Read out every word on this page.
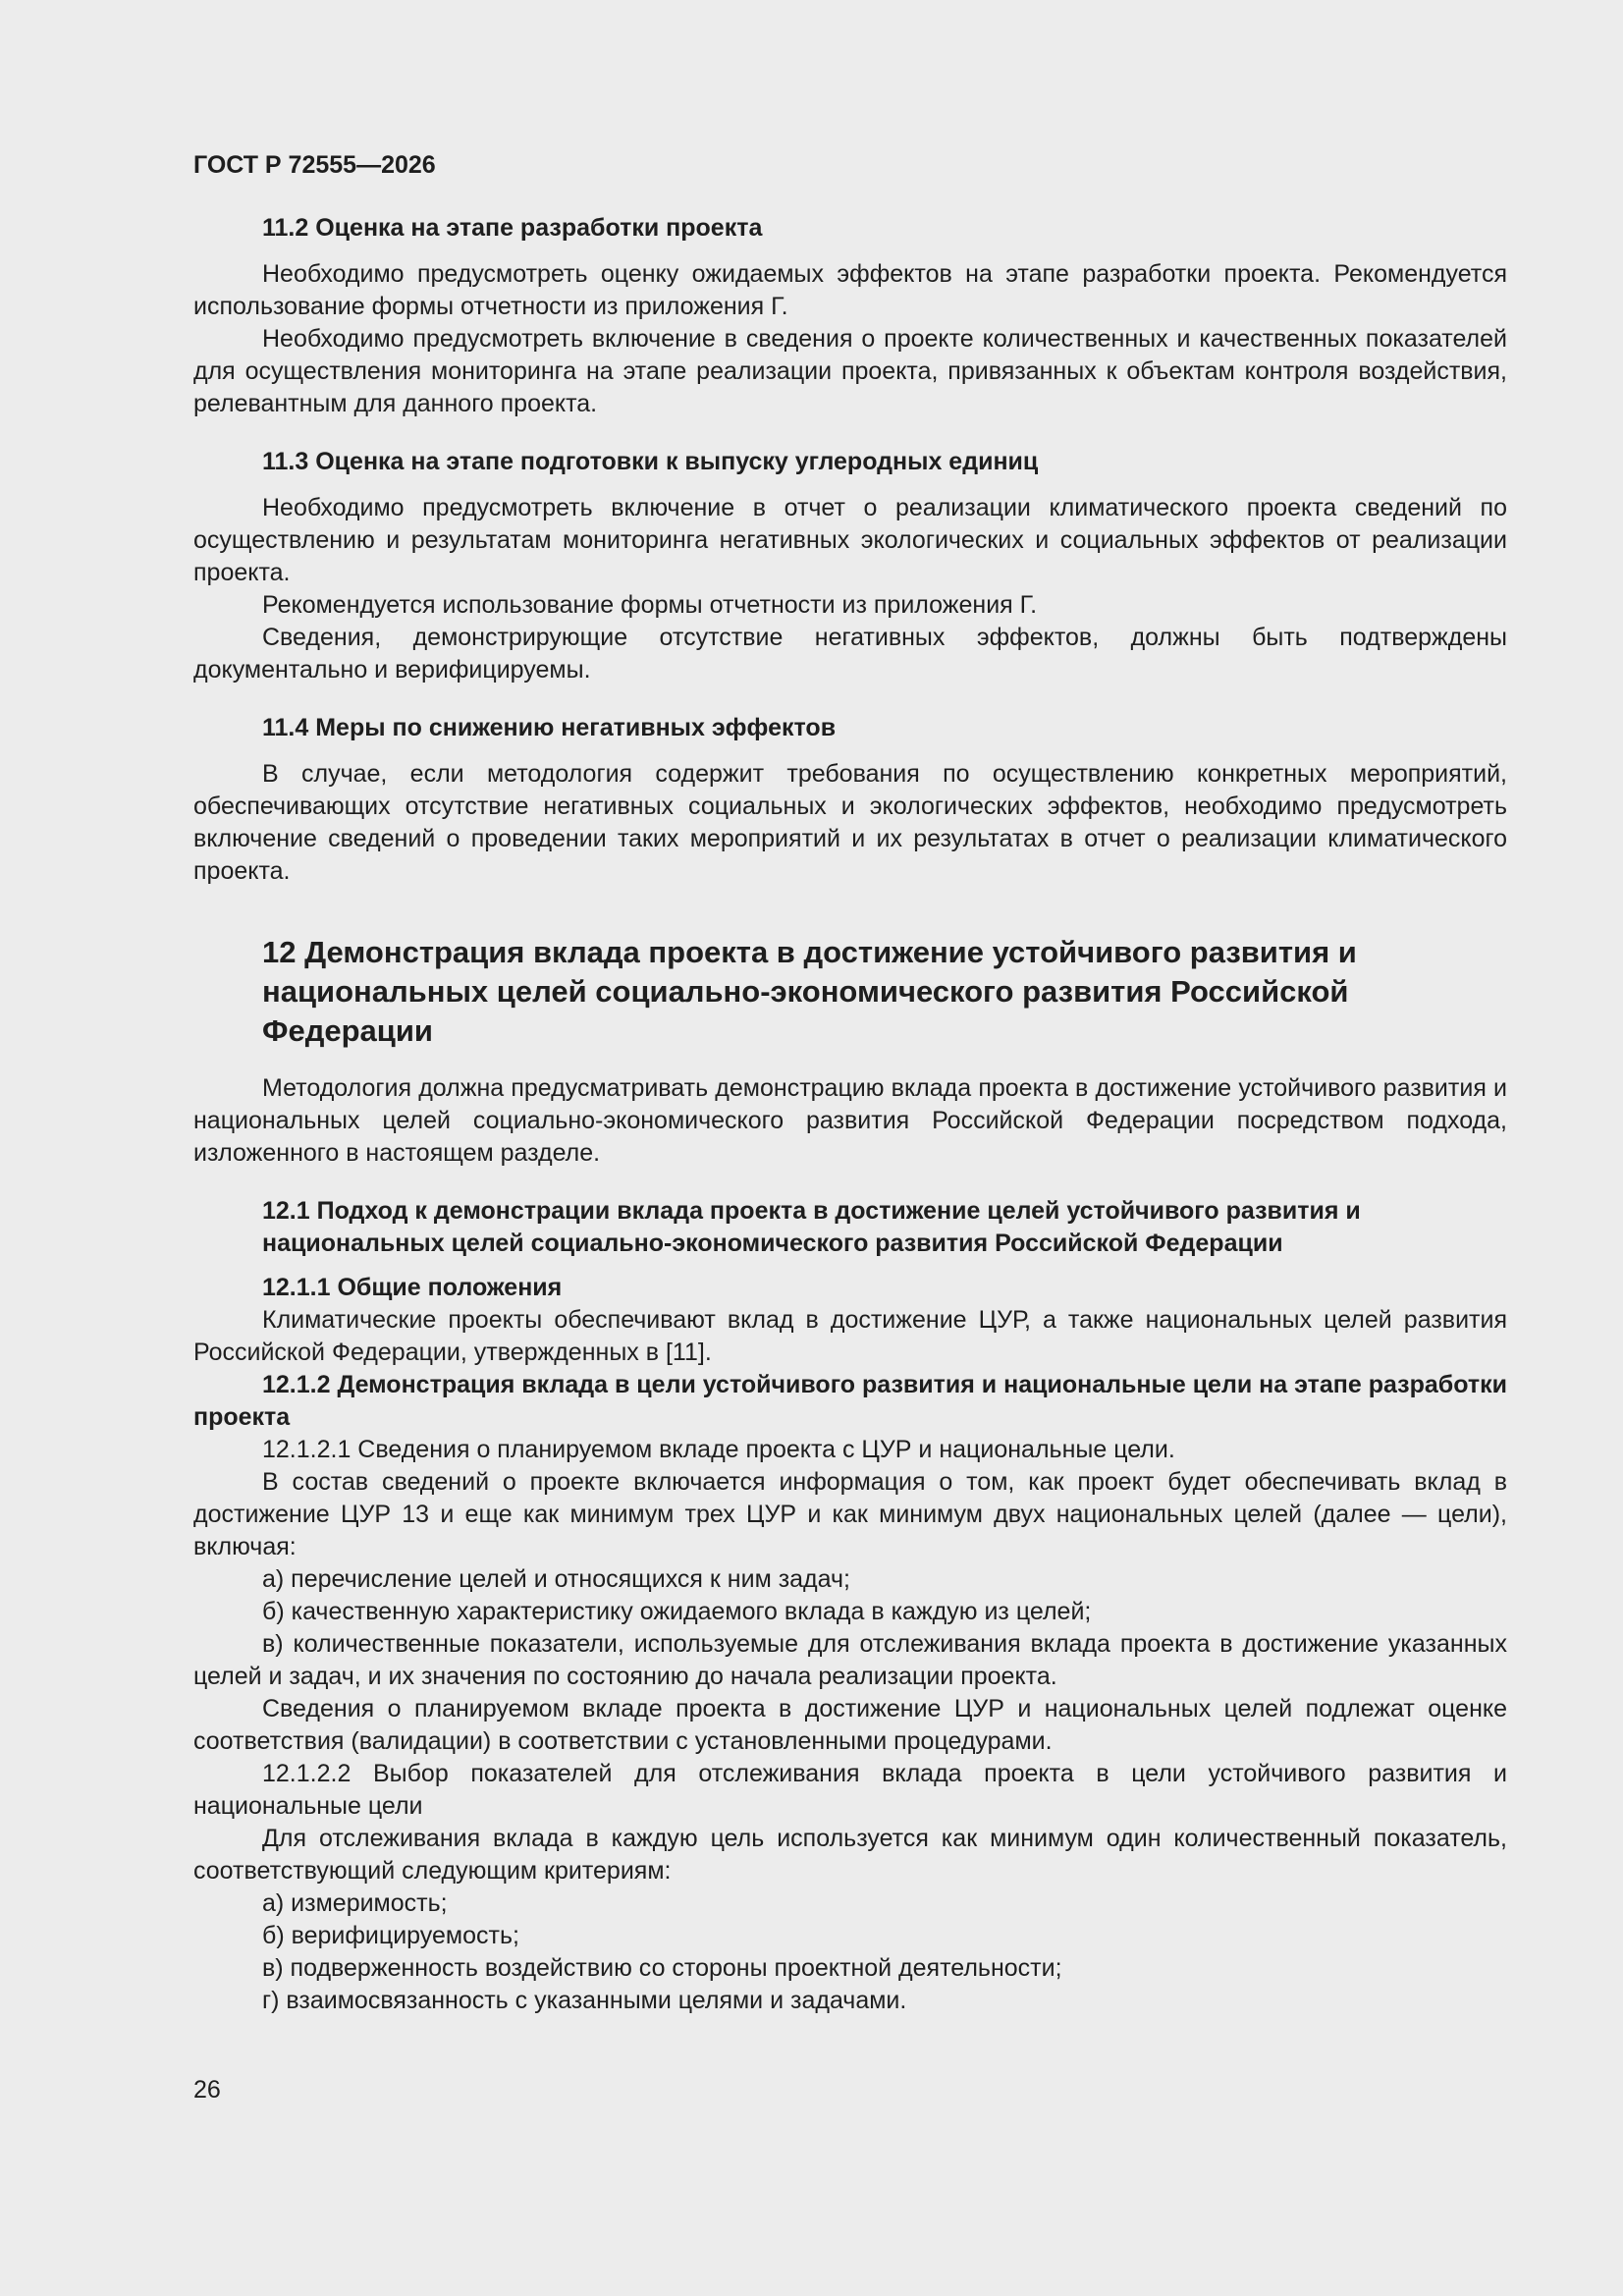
ГОСТ Р 72555—2026
11.2 Оценка на этапе разработки проекта

Необходимо предусмотреть оценку ожидаемых эффектов на этапе разработки проекта. Рекомендуется использование формы отчетности из приложения Г.

Необходимо предусмотреть включение в сведения о проекте количественных и качественных показателей для осуществления мониторинга на этапе реализации проекта, привязанных к объектам контроля воздействия, релевантным для данного проекта.

11.3 Оценка на этапе подготовки к выпуску углеродных единиц

Необходимо предусмотреть включение в отчет о реализации климатического проекта сведений по осуществлению и результатам мониторинга негативных экологических и социальных эффектов от реализации проекта.

Рекомендуется использование формы отчетности из приложения Г.

Сведения, демонстрирующие отсутствие негативных эффектов, должны быть подтверждены документально и верифицируемы.

11.4 Меры по снижению негативных эффектов

В случае, если методология содержит требования по осуществлению конкретных мероприятий, обеспечивающих отсутствие негативных социальных и экологических эффектов, необходимо предусмотреть включение сведений о проведении таких мероприятий и их результатах в отчет о реализации климатического проекта.

12 Демонстрация вклада проекта в достижение устойчивого развития и национальных целей социально-экономического развития Российской Федерации

Методология должна предусматривать демонстрацию вклада проекта в достижение устойчивого развития и национальных целей социально-экономического развития Российской Федерации посредством подхода, изложенного в настоящем разделе.

12.1 Подход к демонстрации вклада проекта в достижение целей устойчивого развития и национальных целей социально-экономического развития Российской Федерации
12.1.1 Общие положения

Климатические проекты обеспечивают вклад в достижение ЦУР, а также национальных целей развития Российской Федерации, утвержденных в [11].

12.1.2 Демонстрация вклада в цели устойчивого развития и национальные цели на этапе разработки проекта

12.1.2.1 Сведения о планируемом вкладе проекта с ЦУР и национальные цели.

В состав сведений о проекте включается информация о том, как проект будет обеспечивать вклад в достижение ЦУР 13 и еще как минимум трех ЦУР и как минимум двух национальных целей (далее — цели), включая:

а) перечисление целей и относящихся к ним задач;

б) качественную характеристику ожидаемого вклада в каждую из целей;

в) количественные показатели, используемые для отслеживания вклада проекта в достижение указанных целей и задач, и их значения по состоянию до начала реализации проекта.

Сведения о планируемом вкладе проекта в достижение ЦУР и национальных целей подлежат оценке соответствия (валидации) в соответствии с установленными процедурами.

12.1.2.2 Выбор показателей для отслеживания вклада проекта в цели устойчивого развития и национальные цели

Для отслеживания вклада в каждую цель используется как минимум один количественный показатель, соответствующий следующим критериям:

а) измеримость;

б) верифицируемость;

в) подверженность воздействию со стороны проектной деятельности;

г) взаимосвязанность с указанными целями и задачами.

26
